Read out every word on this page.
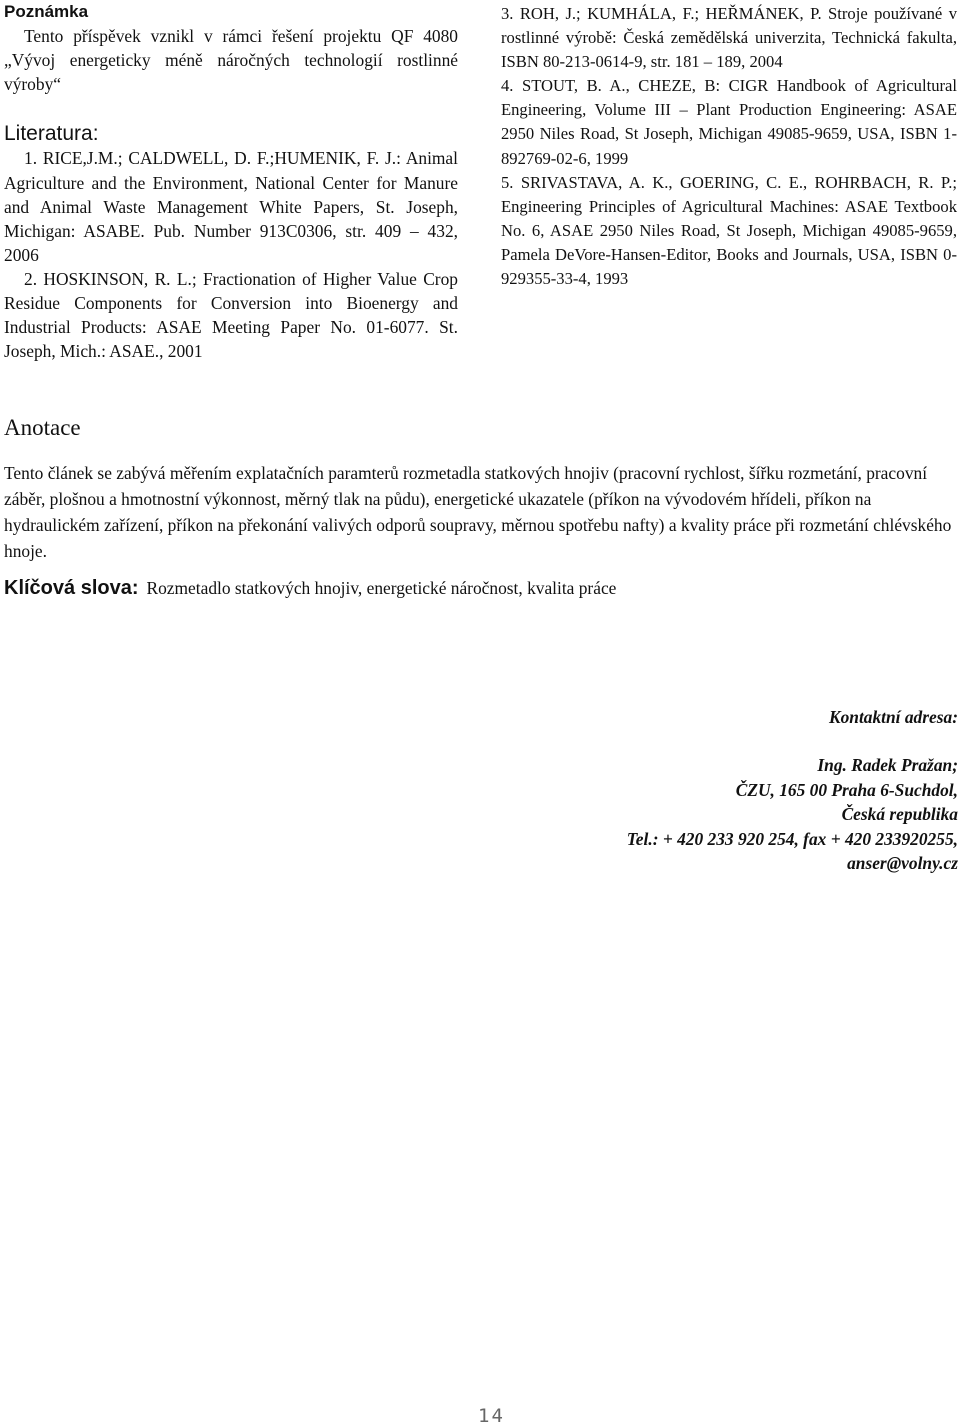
Poznámka

Tento příspěvek vznikl v rámci řešení projektu QF 4080 „Vývoj energeticky méně náročných technologií rostlinné výroby“

Literatura:

1. RICE,J.M.; CALDWELL, D. F.;HUMENIK, F. J.: Animal Agriculture and the Environment, National Center for Manure and Animal Waste Management White Papers, St. Joseph, Michigan: ASABE. Pub. Number 913C0306, str. 409 – 432, 2006

2. HOSKINSON, R. L.; Fractionation of Higher Value Crop Residue Components for Conversion into Bioenergy and Industrial Products: ASAE Meeting Paper No. 01-6077. St. Joseph, Mich.: ASAE., 2001

3. ROH, J.; KUMHÁLA, F.; HEŘMÁNEK, P. Stroje používané v rostlinné výrobě: Česká zemědělská univerzita, Technická fakulta, ISBN 80-213-0614-9, str. 181 – 189, 2004

4. STOUT, B. A., CHEZE, B: CIGR Handbook of Agricultural Engineering, Volume III – Plant Production Engineering: ASAE 2950 Niles Road, St Joseph, Michigan 49085-9659, USA, ISBN 1-892769-02-6, 1999

5. SRIVASTAVA, A. K., GOERING, C. E., ROHRBACH, R. P.; Engineering Principles of Agricultural Machines: ASAE Textbook No. 6, ASAE 2950 Niles Road, St Joseph, Michigan 49085-9659, Pamela DeVore-Hansen-Editor, Books and Journals, USA, ISBN 0-929355-33-4, 1993

Anotace

Tento článek se zabývá měřením explatačních paramterů rozmetadla statkových hnojiv (pracovní rychlost, šířku rozmetání, pracovní záběr, plošnou a hmotnostní výkonnost, měrný tlak na půdu), energetické ukazatele (příkon na vývodovém hřídeli, příkon na hydraulickém zařízení, příkon na překonání valivých odporů soupravy, měrnou spotřebu nafty) a kvality práce při rozmetání chlévského hnoje.

Klíčová slova: Rozmetadlo statkových hnojiv, energetické náročnost, kvalita práce
Kontaktní adresa:
Ing. Radek Pražan;
ČZU, 165 00 Praha 6-Suchdol,
Česká republika
Tel.: + 420 233 920 254, fax + 420 233920255,
anser@volny.cz
14
